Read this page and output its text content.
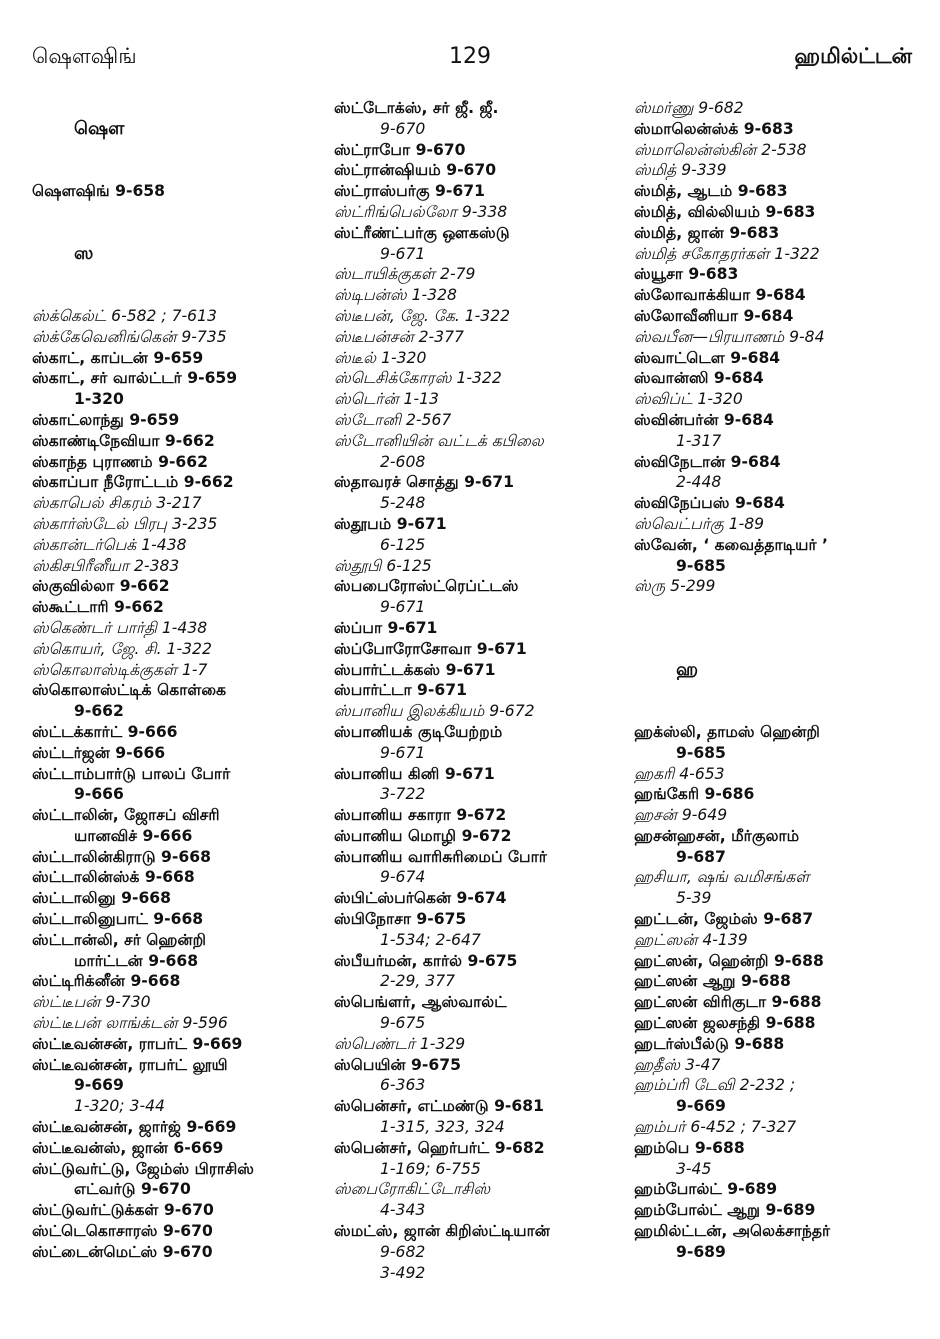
ஷௌஷிங்	129	ஹமில்ட்டன்
ஷௌ
ஷௌஷிங் 9-658
ஸ
ஸ்க்கெல்ட் 6-582 ; 7-613
ஸ்க்கேவெனிங்கென் 9-735
ஸ்காட், காப்டன் 9-659
ஸ்காட், சர் வால்ட்டர் 9-659
1-320
ஸ்காட்லாந்து 9-659
ஸ்காண்டிநேவியா 9-662
ஸ்காந்த புராணம் 9-662
ஸ்காப்பா நீரோட்டம் 9-662
ஸ்காபெல் சிகரம் 3-217
ஸ்கார்ஸ்டேல் பிரபு 3-235
ஸ்கான்டர்பெக் 1-438
ஸ்கிசபிரீனீயா 2-383
ஸ்குவில்லா 9-662
ஸ்கூட்டாரி 9-662
ஸ்கெண்டர் பார்தி 1-438
ஸ்கொயர், ஜே. சி. 1-322
ஸ்கொலாஸ்டிக்குகள் 1-7
ஸ்கொலாஸ்ட்டிக் கொள்கை
9-662
ஸ்ட்டக்கார்ட் 9-666
ஸ்ட்டர்ஜன் 9-666
ஸ்ட்டாம்பார்டு பாலப் போர்
9-666
ஸ்ட்டாலின், ஜோசப் விசரி
யானவிச் 9-666
ஸ்ட்டாலின்கிராடு 9-668
ஸ்ட்டாலின்ஸ்க் 9-668
ஸ்ட்டாலினு 9-668
ஸ்ட்டாலினுபாட் 9-668
ஸ்ட்டான்லி, சர் ஹென்றி
மார்ட்டன் 9-668
ஸ்ட்டிரிக்னீன் 9-668
ஸ்ட்டீபன் 9-730
ஸ்ட்டீபன் லாங்க்டன் 9-596
ஸ்ட்டீவன்சன், ராபர்ட் 9-669
ஸ்ட்டீவன்சன், ராபர்ட் லூயி
9-669
1-320; 3-44
ஸ்ட்டீவன்சன், ஜார்ஜ் 9-669
ஸ்ட்டீவன்ஸ், ஜான் 6-669
ஸ்ட்டுவர்ட்டு, ஜேம்ஸ் பிராசிஸ்
எட்வர்டு 9-670
ஸ்ட்டுவர்ட்டுக்கள் 9-670
ஸ்ட்டெகொசாரஸ் 9-670
ஸ்ட்டைன்மெட்ஸ் 9-670
ஸ்ட்டோக்ஸ், சர் ஜீ. ஜீ.
9-670
ஸ்ட்ராபோ 9-670
ஸ்ட்ரான்ஷியம் 9-670
ஸ்ட்ராஸ்பர்கு 9-671
ஸ்ட்ரிங்பெல்லோ 9-338
ஸ்ட்ரீண்ட்பர்கு ஔகஸ்டு
9-671
ஸ்டாயிக்குகள் 2-79
ஸ்டிபன்ஸ் 1-328
ஸ்டீபன், ஜே. கே. 1-322
ஸ்டீபன்சன் 2-377
ஸ்டீல் 1-320
ஸ்டெசிக்கோரஸ் 1-322
ஸ்டெர்ன் 1-13
ஸ்டோனி 2-567
ஸ்டோனியின் வட்டக் கபிலை
2-608
ஸ்தாவரச் சொத்து 9-671
5-248
ஸ்தூபம் 9-671
6-125
ஸ்தூபி 6-125
ஸ்பபைரோஸ்ட்ரெப்ட்டஸ்
9-671
ஸ்ப்பா 9-671
ஸ்ப்போரோசோவா 9-671
ஸ்பார்ட்டக்கஸ் 9-671
ஸ்பார்ட்டா 9-671
ஸ்பானிய இலக்கியம் 9-672
ஸ்பானியக் குடியேற்றம்
9-671
ஸ்பானிய கினி 9-671
3-722
ஸ்பானிய சகாரா 9-672
ஸ்பானிய மொழி 9-672
ஸ்பானிய வாரிசுரிமைப் போர்
9-674
ஸ்பிட்ஸ்பர்கென் 9-674
ஸ்பிநோசா 9-675
1-534; 2-647
ஸ்பீயர்மன், கார்ல் 9-675
2-29, 377
ஸ்பெங்ளர், ஆஸ்வால்ட்
9-675
ஸ்பெண்டர் 1-329
ஸ்பெயின் 9-675
6-363
ஸ்பென்சர், எட்மண்டு 9-681
1-315, 323, 324
ஸ்பென்சர், ஹெர்பர்ட் 9-682
1-169; 6-755
ஸ்பைரோகிட்டோசிஸ்
4-343
ஸ்மட்ஸ், ஜான் கிறிஸ்ட்டியான்
9-682
3-492
ஸ்மர்ணு 9-682
ஸ்மாலென்ஸ்க் 9-683
ஸ்மாலென்ஸ்கின் 2-538
ஸ்மித் 9-339
ஸ்மித், ஆடம் 9-683
ஸ்மித், வில்லியம் 9-683
ஸ்மித், ஜான் 9-683
ஸ்மித் சகோதரர்கள் 1-322
ஸ்யூசா 9-683
ஸ்லோவாக்கியா 9-684
ஸ்லோவீனியா 9-684
ஸ்வபீன—பிரயாணம் 9-84
ஸ்வாட்டௌ 9-684
ஸ்வான்ஸி 9-684
ஸ்விப்ட் 1-320
ஸ்வின்பர்ன் 9-684
1-317
ஸ்விநேடான் 9-684
2-448
ஸ்விநேப்பஸ் 9-684
ஸ்வெட்பர்கு 1-89
ஸ்வேன், ‘ கவைத்தாடியர் ’
9-685
ஸ்ரு 5-299
ஹ
ஹக்ஸ்லி, தாமஸ் ஹென்றி
9-685
ஹகரி 4-653
ஹங்கேரி 9-686
ஹசன் 9-649
ஹசன்ஹசன், மீர்குலாம்
9-687
ஹசியா, ஷங் வமிசங்கள்
5-39
ஹட்டன், ஜேம்ஸ் 9-687
ஹட்ஸன் 4-139
ஹட்ஸன், ஹென்றி 9-688
ஹட்ஸன் ஆறு 9-688
ஹட்ஸன் விரிகுடா 9-688
ஹட்ஸன் ஜலசந்தி 9-688
ஹடர்ஸ்பீல்டு 9-688
ஹதீஸ் 3-47
ஹம்ப்ரி டேவி 2-232 ;
9-669
ஹம்பர் 6-452 ; 7-327
ஹம்பெ 9-688
3-45
ஹம்போல்ட் 9-689
ஹம்போல்ட் ஆறு 9-689
ஹமில்ட்டன், அலெக்சாந்தர்
9-689
